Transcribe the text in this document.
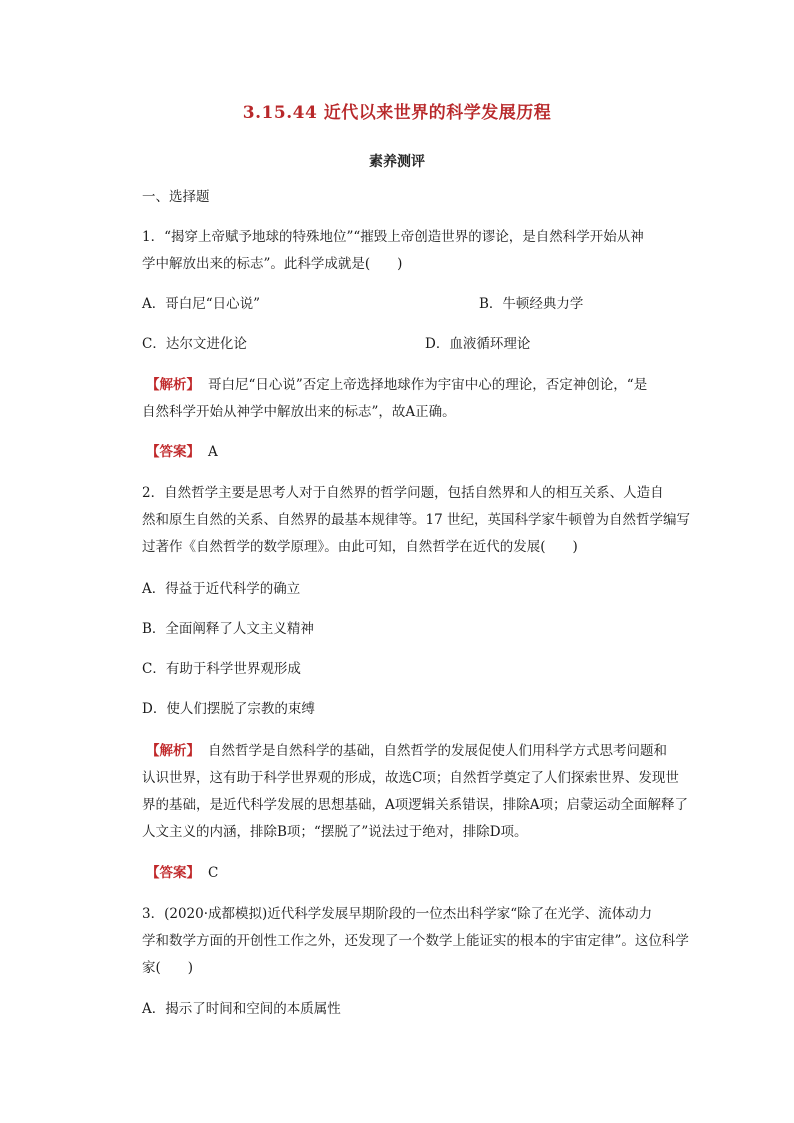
3.15.44 近代以来世界的科学发展历程
素养测评
一、选择题
1．“揭穿上帝赋予地球的特殊地位”“摧毁上帝创造世界的谬论，是自然科学开始从神
学中解放出来的标志”。此科学成就是(　　)
A．哥白尼“日心说”	B．牛顿经典力学
C．达尔文进化论	D．血液循环理论
【解析】 哥白尼“日心说”否定上帝选择地球作为宇宙中心的理论，否定神创论，“是
自然科学开始从神学中解放出来的标志”，故A正确。
【答案】 A
2．自然哲学主要是思考人对于自然界的哲学问题，包括自然界和人的相互关系、人造自
然和原生自然的关系、自然界的最基本规律等。17 世纪，英国科学家牛顿曾为自然哲学编写
过著作《自然哲学的数学原理》。由此可知，自然哲学在近代的发展(　　)
A．得益于近代科学的确立
B．全面阐释了人文主义精神
C．有助于科学世界观形成
D．使人们摆脱了宗教的束缚
【解析】 自然哲学是自然科学的基础，自然哲学的发展促使人们用科学方式思考问题和
认识世界，这有助于科学世界观的形成，故选C项；自然哲学奠定了人们探索世界、发现世
界的基础，是近代科学发展的思想基础，A项逻辑关系错误，排除A项；启蒙运动全面解释了
人文主义的内涵，排除B项；“摆脱了”说法过于绝对，排除D项。
【答案】 C
3．(2020·成都模拟)近代科学发展早期阶段的一位杰出科学家“除了在光学、流体动力
学和数学方面的开创性工作之外，还发现了一个数学上能证实的根本的宇宙定律”。这位科学
家(　　)
A．揭示了时间和空间的本质属性
